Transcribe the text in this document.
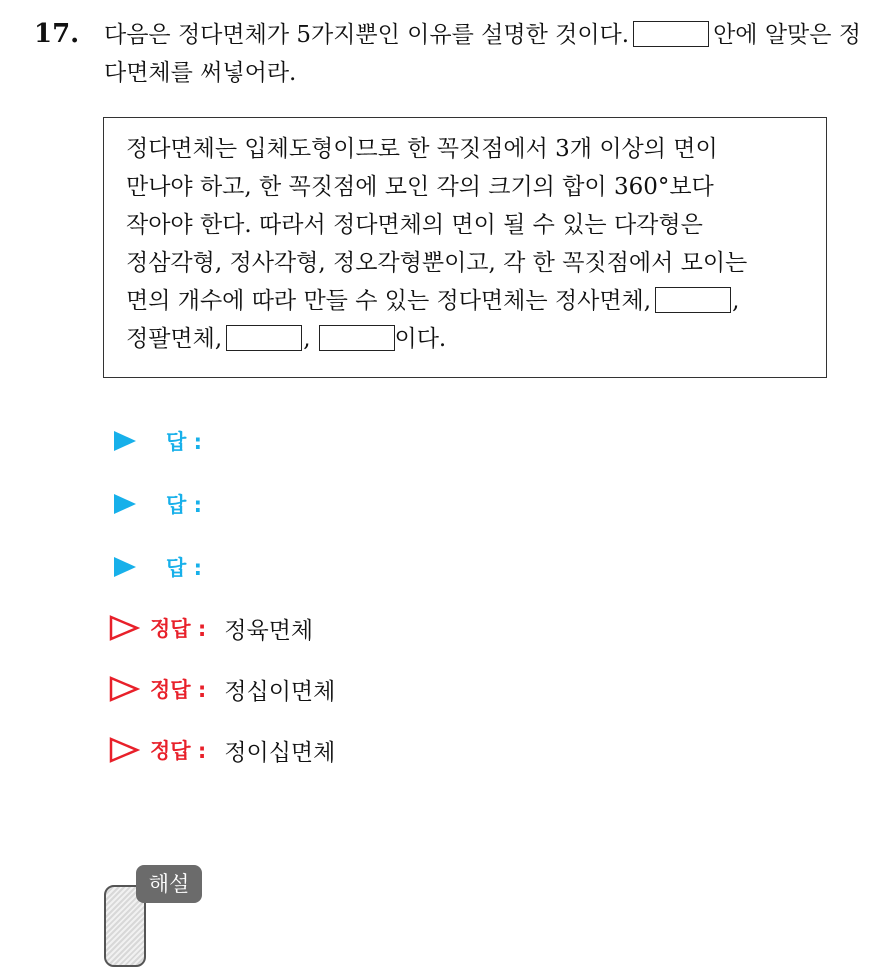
17. 다음은 정다면체가 5가지뿐인 이유를 설명한 것이다.	안에 알맞은 정다면체를 써넣어라.

정다면체는 입체도형이므로 한 꼭짓점에서 3개 이상의 면이

만나야 하고, 한 꼭짓점에 모인 각의 크기의 합이 360°보다

작아야 한다. 따라서 정다면체의 면이 될 수 있는 다각형은

정삼각형, 정사각형, 정오각형뿐이고, 각 한 꼭짓점에서 모이는

면의 개수에 따라 만들 수 있는 정다면체는 정사면체,	,

정팔면체,	,	이다.

답 :
답 :
답 :
정답 : 정육면체
정답 : 정십이면체
정답 : 정이십면체
해설
